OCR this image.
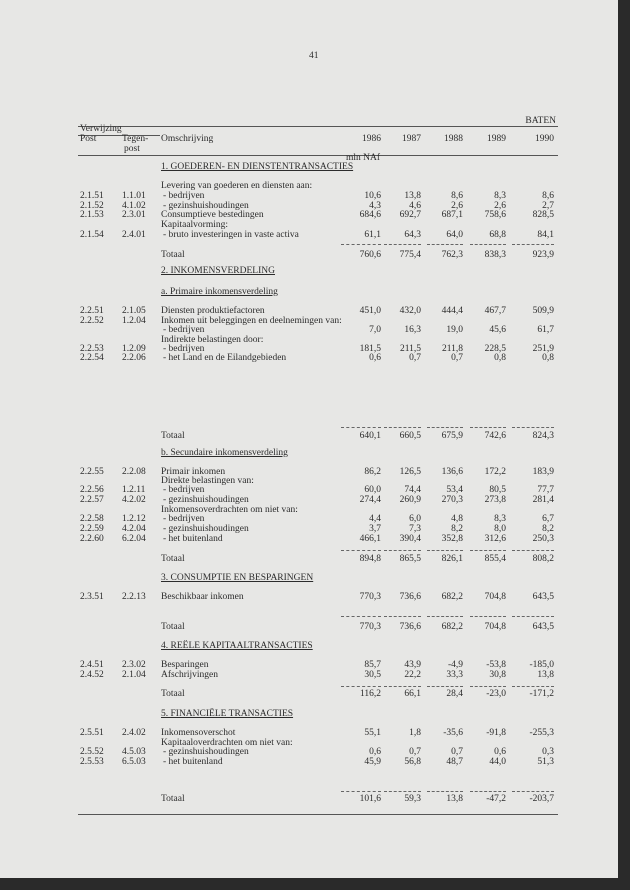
41
BATEN
Verwijzing
Post	Tegen-
post
Omschrijving	1986	1987	1988	1989	1990
mln NAf
1. GOEDEREN- EN DIENSTENTRANSACTIES
Levering van goederen en diensten aan:
2.1.51 1.1.01 - bedrijven	10,6	13,8	8,6	8,3	8,6
2.1.52 4.1.02 - gezinshuishoudingen	4,3	4,6	2,6	2,6	2,7
2.1.53 2.3.01 Consumptieve bestedingen	684,6	692,7	687,1	758,6	828,5
Kapitaalvorming:
2.1.54 2.4.01 - bruto investeringen in vaste activa	61,1	64,3	64,0	68,8	84,1
Totaal	760,6	775,4	762,3	838,3	923,9
2. INKOMENSVERDELING
a. Primaire inkomensverdeling
2.2.51 2.1.05 Diensten produktiefactoren	451,0	432,0	444,4	467,7	509,9
2.2.52 1.2.04 Inkomen uit beleggingen en deelnemingen van:
- bedrijven	7,0	16,3	19,0	45,6	61,7
Indirekte belastingen door:
2.2.53 1.2.09 - bedrijven	181,5	211,5	211,8	228,5	251,9
2.2.54 2.2.06 - het Land en de Eilandgebieden	0,6	0,7	0,7	0,8	0,8
Totaal	640,1	660,5	675,9	742,6	824,3
b. Secundaire inkomensverdeling
2.2.55 2.2.08 Primair inkomen	86,2	126,5	136,6	172,2	183,9
Direkte belastingen van:
2.2.56 1.2.11 - bedrijven	60,0	74,4	53,4	80,5	77,7
2.2.57 4.2.02 - gezinshuishoudingen	274,4	260,9	270,3	273,8	281,4
Inkomensoverdrachten om niet van:
2.2.58 1.2.12 - bedrijven	4,4	6,0	4,8	8,3	6,7
2.2.59 4.2.04 - gezinshuishoudingen	3,7	7,3	8,2	8,0	8,2
2.2.60 6.2.04 - het buitenland	466,1	390,4	352,8	312,6	250,3
Totaal	894,8	865,5	826,1	855,4	808,2
3. CONSUMPTIE EN BESPARINGEN
2.3.51 2.2.13 Beschikbaar inkomen	770,3	736,6	682,2	704,8	643,5
Totaal	770,3	736,6	682,2	704,8	643,5
4. REËLE KAPITAALTRANSACTIES
2.4.51 2.3.02 Besparingen	85,7	43,9	-4,9	-53,8	-185,0
2.4.52 2.1.04 Afschrijvingen	30,5	22,2	33,3	30,8	13,8
Totaal	116,2	66,1	28,4	-23,0	-171,2
5. FINANCIËLE TRANSACTIES
2.5.51 2.4.02 Inkomensoverschot	55,1	1,8	-35,6	-91,8	-255,3
Kapitaaloverdrachten om niet van:
2.5.52 4.5.03 - gezinshuishoudingen	0,6	0,7	0,7	0,6	0,3
2.5.53 6.5.03 - het buitenland	45,9	56,8	48,7	44,0	51,3
Totaal	101,6	59,3	13,8	-47,2	-203,7
